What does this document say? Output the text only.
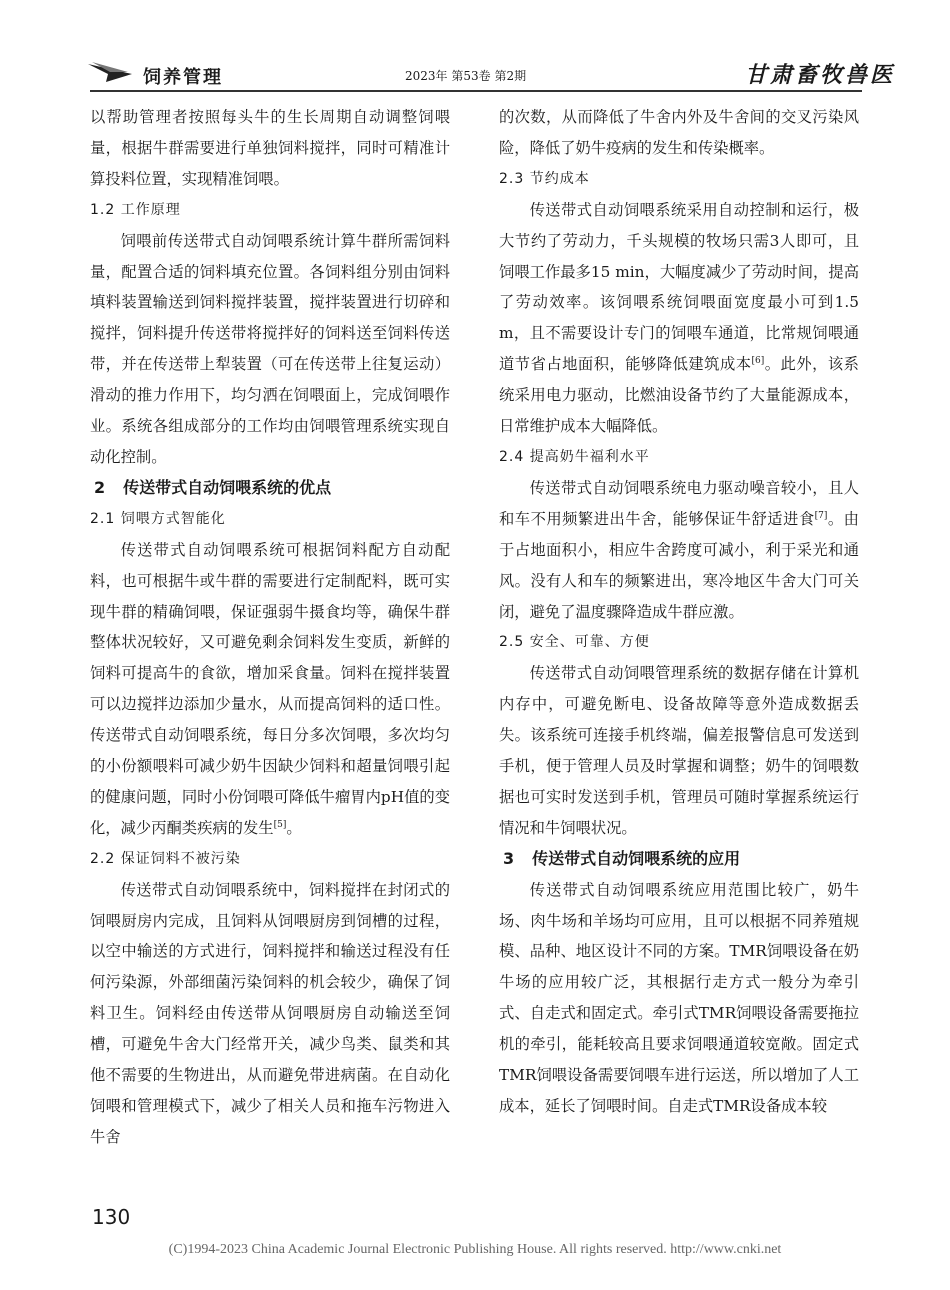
饲养管理	2023年 第53卷 第2期	甘肃畜牧兽医

以帮助管理者按照每头牛的生长周期自动调整饲喂量，根据牛群需要进行单独饲料搅拌，同时可精准计算投料位置，实现精准饲喂。

1.2 工作原理

饲喂前传送带式自动饲喂系统计算牛群所需饲料量，配置合适的饲料填充位置。各饲料组分别由饲料填料装置输送到饲料搅拌装置，搅拌装置进行切碎和搅拌，饲料提升传送带将搅拌好的饲料送至饲料传送带，并在传送带上犁装置（可在传送带上往复运动）滑动的推力作用下，均匀洒在饲喂面上，完成饲喂作业。系统各组成部分的工作均由饲喂管理系统实现自动化控制。

2 传送带式自动饲喂系统的优点
2.1 饲喂方式智能化

传送带式自动饲喂系统可根据饲料配方自动配料，也可根据牛或牛群的需要进行定制配料，既可实现牛群的精确饲喂，保证强弱牛摄食均等，确保牛群整体状况较好，又可避免剩余饲料发生变质，新鲜的饲料可提高牛的食欲，增加采食量。饲料在搅拌装置可以边搅拌边添加少量水，从而提高饲料的适口性。传送带式自动饲喂系统，每日分多次饲喂，多次均匀的小份额喂料可减少奶牛因缺少饲料和超量饲喂引起的健康问题，同时小份饲喂可降低牛瘤胃内pH值的变化，减少丙酮类疾病的发生[5]。

2.2 保证饲料不被污染

传送带式自动饲喂系统中，饲料搅拌在封闭式的饲喂厨房内完成，且饲料从饲喂厨房到饲槽的过程，以空中输送的方式进行，饲料搅拌和输送过程没有任何污染源，外部细菌污染饲料的机会较少，确保了饲料卫生。饲料经由传送带从饲喂厨房自动输送至饲槽，可避免牛舍大门经常开关，减少鸟类、鼠类和其他不需要的生物进出，从而避免带进病菌。在自动化饲喂和管理模式下，减少了相关人员和拖车污物进入牛舍

的次数，从而降低了牛舍内外及牛舍间的交叉污染风险，降低了奶牛疫病的发生和传染概率。

2.3 节约成本

传送带式自动饲喂系统采用自动控制和运行，极大节约了劳动力，千头规模的牧场只需3人即可，且饲喂工作最多15 min，大幅度减少了劳动时间，提高了劳动效率。该饲喂系统饲喂面宽度最小可到1.5 m，且不需要设计专门的饲喂车通道，比常规饲喂通道节省占地面积，能够降低建筑成本[6]。此外，该系统采用电力驱动，比燃油设备节约了大量能源成本，日常维护成本大幅降低。

2.4 提高奶牛福利水平

传送带式自动饲喂系统电力驱动噪音较小，且人和车不用频繁进出牛舍，能够保证牛舒适进食[7]。由于占地面积小，相应牛舍跨度可减小，利于采光和通风。没有人和车的频繁进出，寒冷地区牛舍大门可关闭，避免了温度骤降造成牛群应激。

2.5 安全、可靠、方便

传送带式自动饲喂管理系统的数据存储在计算机内存中，可避免断电、设备故障等意外造成数据丢失。该系统可连接手机终端，偏差报警信息可发送到手机，便于管理人员及时掌握和调整；奶牛的饲喂数据也可实时发送到手机，管理员可随时掌握系统运行情况和牛饲喂状况。

3 传送带式自动饲喂系统的应用

传送带式自动饲喂系统应用范围比较广，奶牛场、肉牛场和羊场均可应用，且可以根据不同养殖规模、品种、地区设计不同的方案。TMR饲喂设备在奶牛场的应用较广泛，其根据行走方式一般分为牵引式、自走式和固定式。牵引式TMR饲喂设备需要拖拉机的牵引，能耗较高且要求饲喂通道较宽敞。固定式TMR饲喂设备需要饲喂车进行运送，所以增加了人工成本，延长了饲喂时间。自走式TMR设备成本较

130
(C)1994-2023 China Academic Journal Electronic Publishing House. All rights reserved. http://www.cnki.net
